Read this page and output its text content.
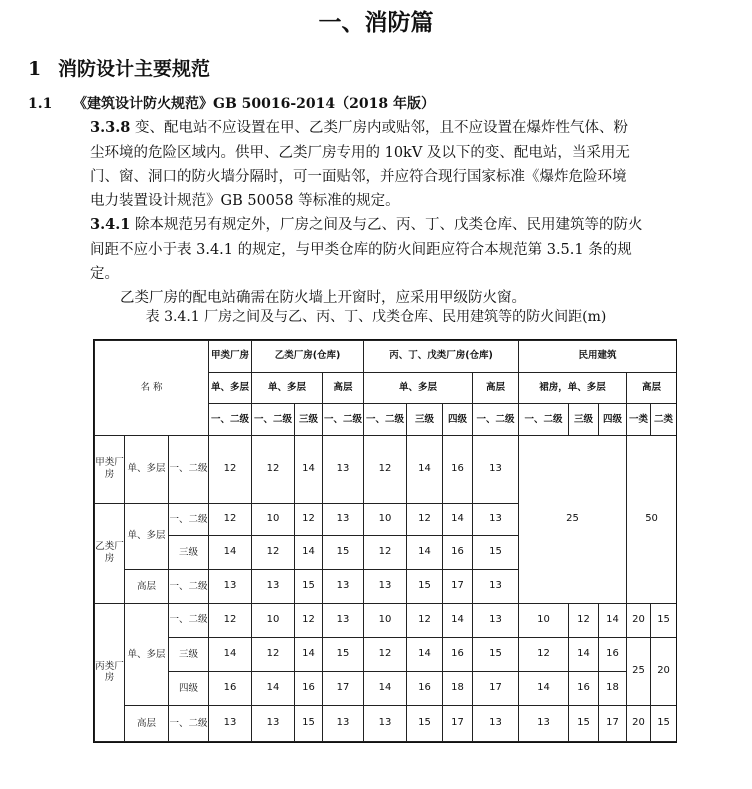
一、消防篇
1 消防设计主要规范
1.1 《建筑设计防火规范》GB 50016-2014（2018 年版）
3.3.8 变、配电站不应设置在甲、乙类厂房内或贴邻，且不应设置在爆炸性气体、粉
尘环境的危险区域内。供甲、乙类厂房专用的 10kV 及以下的变、配电站，当采用无
门、窗、洞口的防火墙分隔时，可一面贴邻，并应符合现行国家标准《爆炸危险环境
电力装置设计规范》GB 50058 等标准的规定。
3.4.1 除本规范另有规定外，厂房之间及与乙、丙、丁、戊类仓库、民用建筑等的防火
间距不应小于表 3.4.1 的规定，与甲类仓库的防火间距应符合本规范第 3.5.1 条的规
定。
乙类厂房的配电站确需在防火墙上开窗时，应采用甲级防火窗。
表 3.4.1 厂房之间及与乙、丙、丁、戊类仓库、民用建筑等的防火间距(m)
名 称			甲类厂房	乙类厂房(仓库)			丙、丁、戊类厂房(仓库)				民用建筑				
			单、多层	单、多层		高层	单、多层			高层	裙房，单、多层			高层	
			一、二级	一、二级	三级	一、二级	一、二级	三级	四级	一、二级	一、二级	三级	四级	一类	二类
甲类厂房	单、多层	一、二级	12	12	14	13	12	14	16	13	25			50	
乙类厂房	单、多层	一、二级	12	10	12	13	10	12	14	13					
		三级	14	12	14	15	12	14	16	15					
	高层	一、二级	13	13	15	13	13	15	17	13					
丙类厂房	单、多层	一、二级	12	10	12	13	10	12	14	13	10	12	14	20	15
		三级	14	12	14	15	12	14	16	15	12	14	16	25	20
		四级	16	14	16	17	14	16	18	17	14	16	18		
	高层	一、二级	13	13	15	13	13	15	17	13	13	15	17	20	15
